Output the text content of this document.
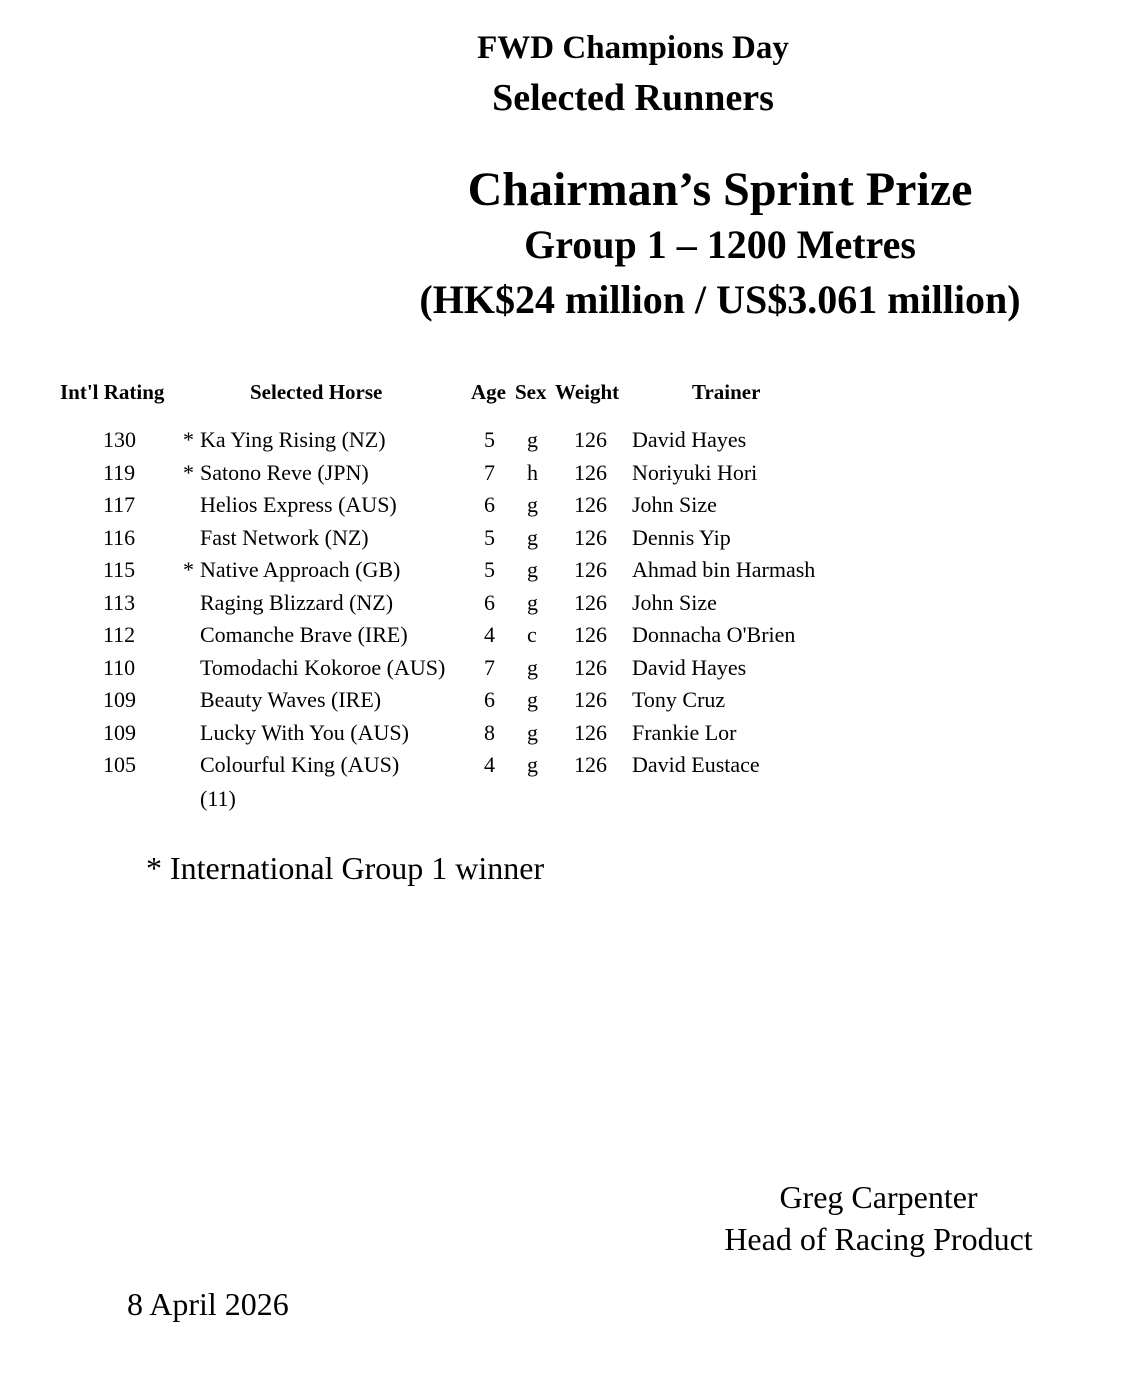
FWD Champions Day
Selected Runners
Chairman’s Sprint Prize
Group 1 – 1200 Metres
(HK$24 million / US$3.061 million)
Int'l Rating	Selected Horse	Age Sex Weight	Trainer
130 * Ka Ying Rising (NZ)	5 g 126 David Hayes
119 * Satono Reve (JPN)	7 h 126 Noriyuki Hori
117	Helios Express (AUS)	6 g 126 John Size
116	Fast Network (NZ)	5 g 126 Dennis Yip
115 * Native Approach (GB)	5 g 126 Ahmad bin Harmash
113	Raging Blizzard (NZ)	6 g 126 John Size
112	Comanche Brave (IRE)	4 c 126 Donnacha O'Brien
110	Tomodachi Kokoroe (AUS) 7 g 126 David Hayes
109	Beauty Waves (IRE)	6 g 126 Tony Cruz
109	Lucky With You (AUS)	8 g 126 Frankie Lor
105	Colourful King (AUS)	4 g 126 David Eustace
(11)
* International Group 1 winner
Greg Carpenter
Head of Racing Product
8 April 2026
